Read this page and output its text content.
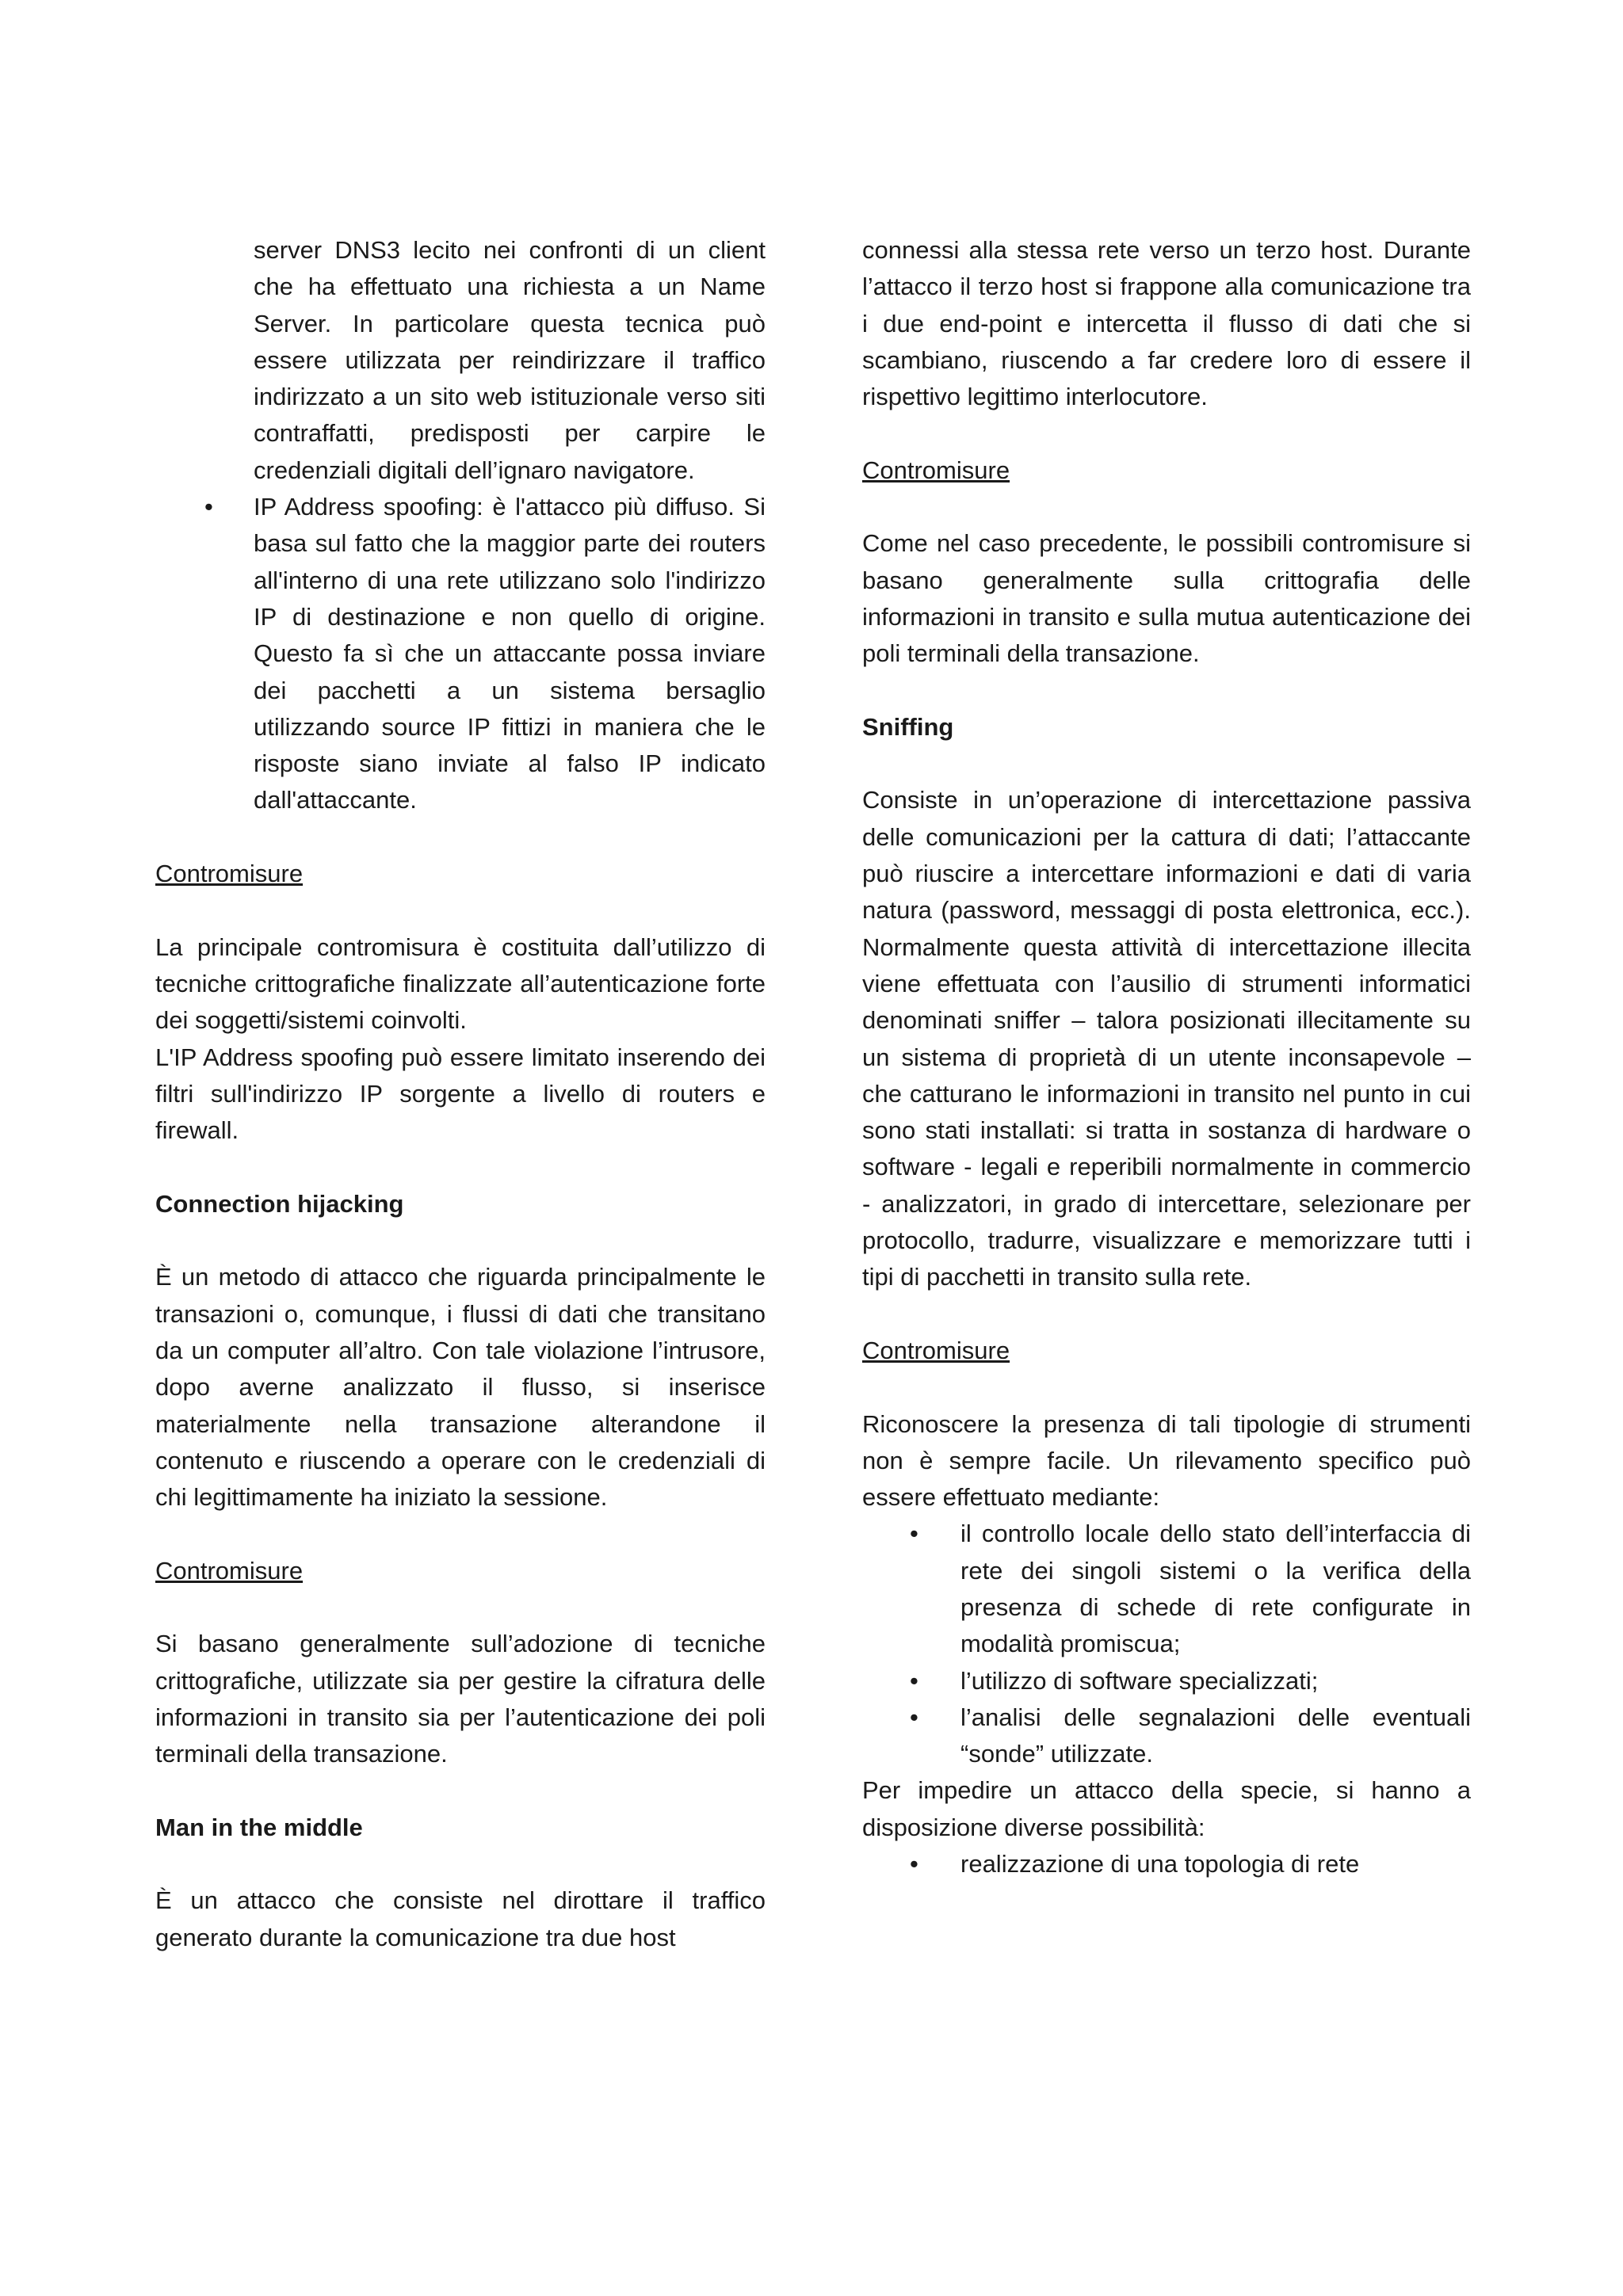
server DNS3 lecito nei confronti di un client che ha effettuato una richiesta a un Name Server. In particolare questa tecnica può essere utilizzata per reindirizzare il traffico indirizzato a un sito web istituzionale verso siti contraffatti, predisposti per carpire le credenziali digitali dell’ignaro navigatore.

• IP Address spoofing: è l'attacco più diffuso. Si basa sul fatto che la maggior parte dei routers all'interno di una rete utilizzano solo l'indirizzo IP di destinazione e non quello di origine. Questo fa sì che un attaccante possa inviare dei pacchetti a un sistema bersaglio utilizzando source IP fittizi in maniera che le risposte siano inviate al falso IP indicato dall'attaccante.

Contromisure

La principale contromisura è costituita dall’utilizzo di tecniche crittografiche finalizzate all’autenticazione forte dei soggetti/sistemi coinvolti.

L'IP Address spoofing può essere limitato inserendo dei filtri sull'indirizzo IP sorgente a livello di routers e firewall.

Connection hijacking

È un metodo di attacco che riguarda principalmente le transazioni o, comunque, i flussi di dati che transitano da un computer all’altro. Con tale violazione l’intrusore, dopo averne analizzato il flusso, si inserisce materialmente nella transazione alterandone il contenuto e riuscendo a operare con le credenziali di chi legittimamente ha iniziato la sessione.

Contromisure

Si basano generalmente sull’adozione di tecniche crittografiche, utilizzate sia per gestire la cifratura delle informazioni in transito sia per l’autenticazione dei poli terminali della transazione.

Man in the middle

È un attacco che consiste nel dirottare il traffico generato durante la comunicazione tra due host

connessi alla stessa rete verso un terzo host. Durante l’attacco il terzo host si frappone alla comunicazione tra i due end-point e intercetta il flusso di dati che si scambiano, riuscendo a far credere loro di essere il rispettivo legittimo interlocutore.

Contromisure

Come nel caso precedente, le possibili contromisure si basano generalmente sulla crittografia delle informazioni in transito e sulla mutua autenticazione dei poli terminali della transazione.

Sniffing

Consiste in un’operazione di intercettazione passiva delle comunicazioni per la cattura di dati; l’attaccante può riuscire a intercettare informazioni e dati di varia natura (password, messaggi di posta elettronica, ecc.). Normalmente questa attività di intercettazione illecita viene effettuata con l’ausilio di strumenti informatici denominati sniffer – talora posizionati illecitamente su un sistema di proprietà di un utente inconsapevole – che catturano le informazioni in transito nel punto in cui sono stati installati: si tratta in sostanza di hardware o software - legali e reperibili normalmente in commercio - analizzatori, in grado di intercettare, selezionare per protocollo, tradurre, visualizzare e memorizzare tutti i tipi di pacchetti in transito sulla rete.

Contromisure

Riconoscere la presenza di tali tipologie di strumenti non è sempre facile. Un rilevamento specifico può essere effettuato mediante:

• il controllo locale dello stato dell’interfaccia di rete dei singoli sistemi o la verifica della presenza di schede di rete configurate in modalità promiscua;
• l’utilizzo di software specializzati;
• l’analisi delle segnalazioni delle eventuali “sonde” utilizzate.

Per impedire un attacco della specie, si hanno a disposizione diverse possibilità:

• realizzazione di una topologia di rete
